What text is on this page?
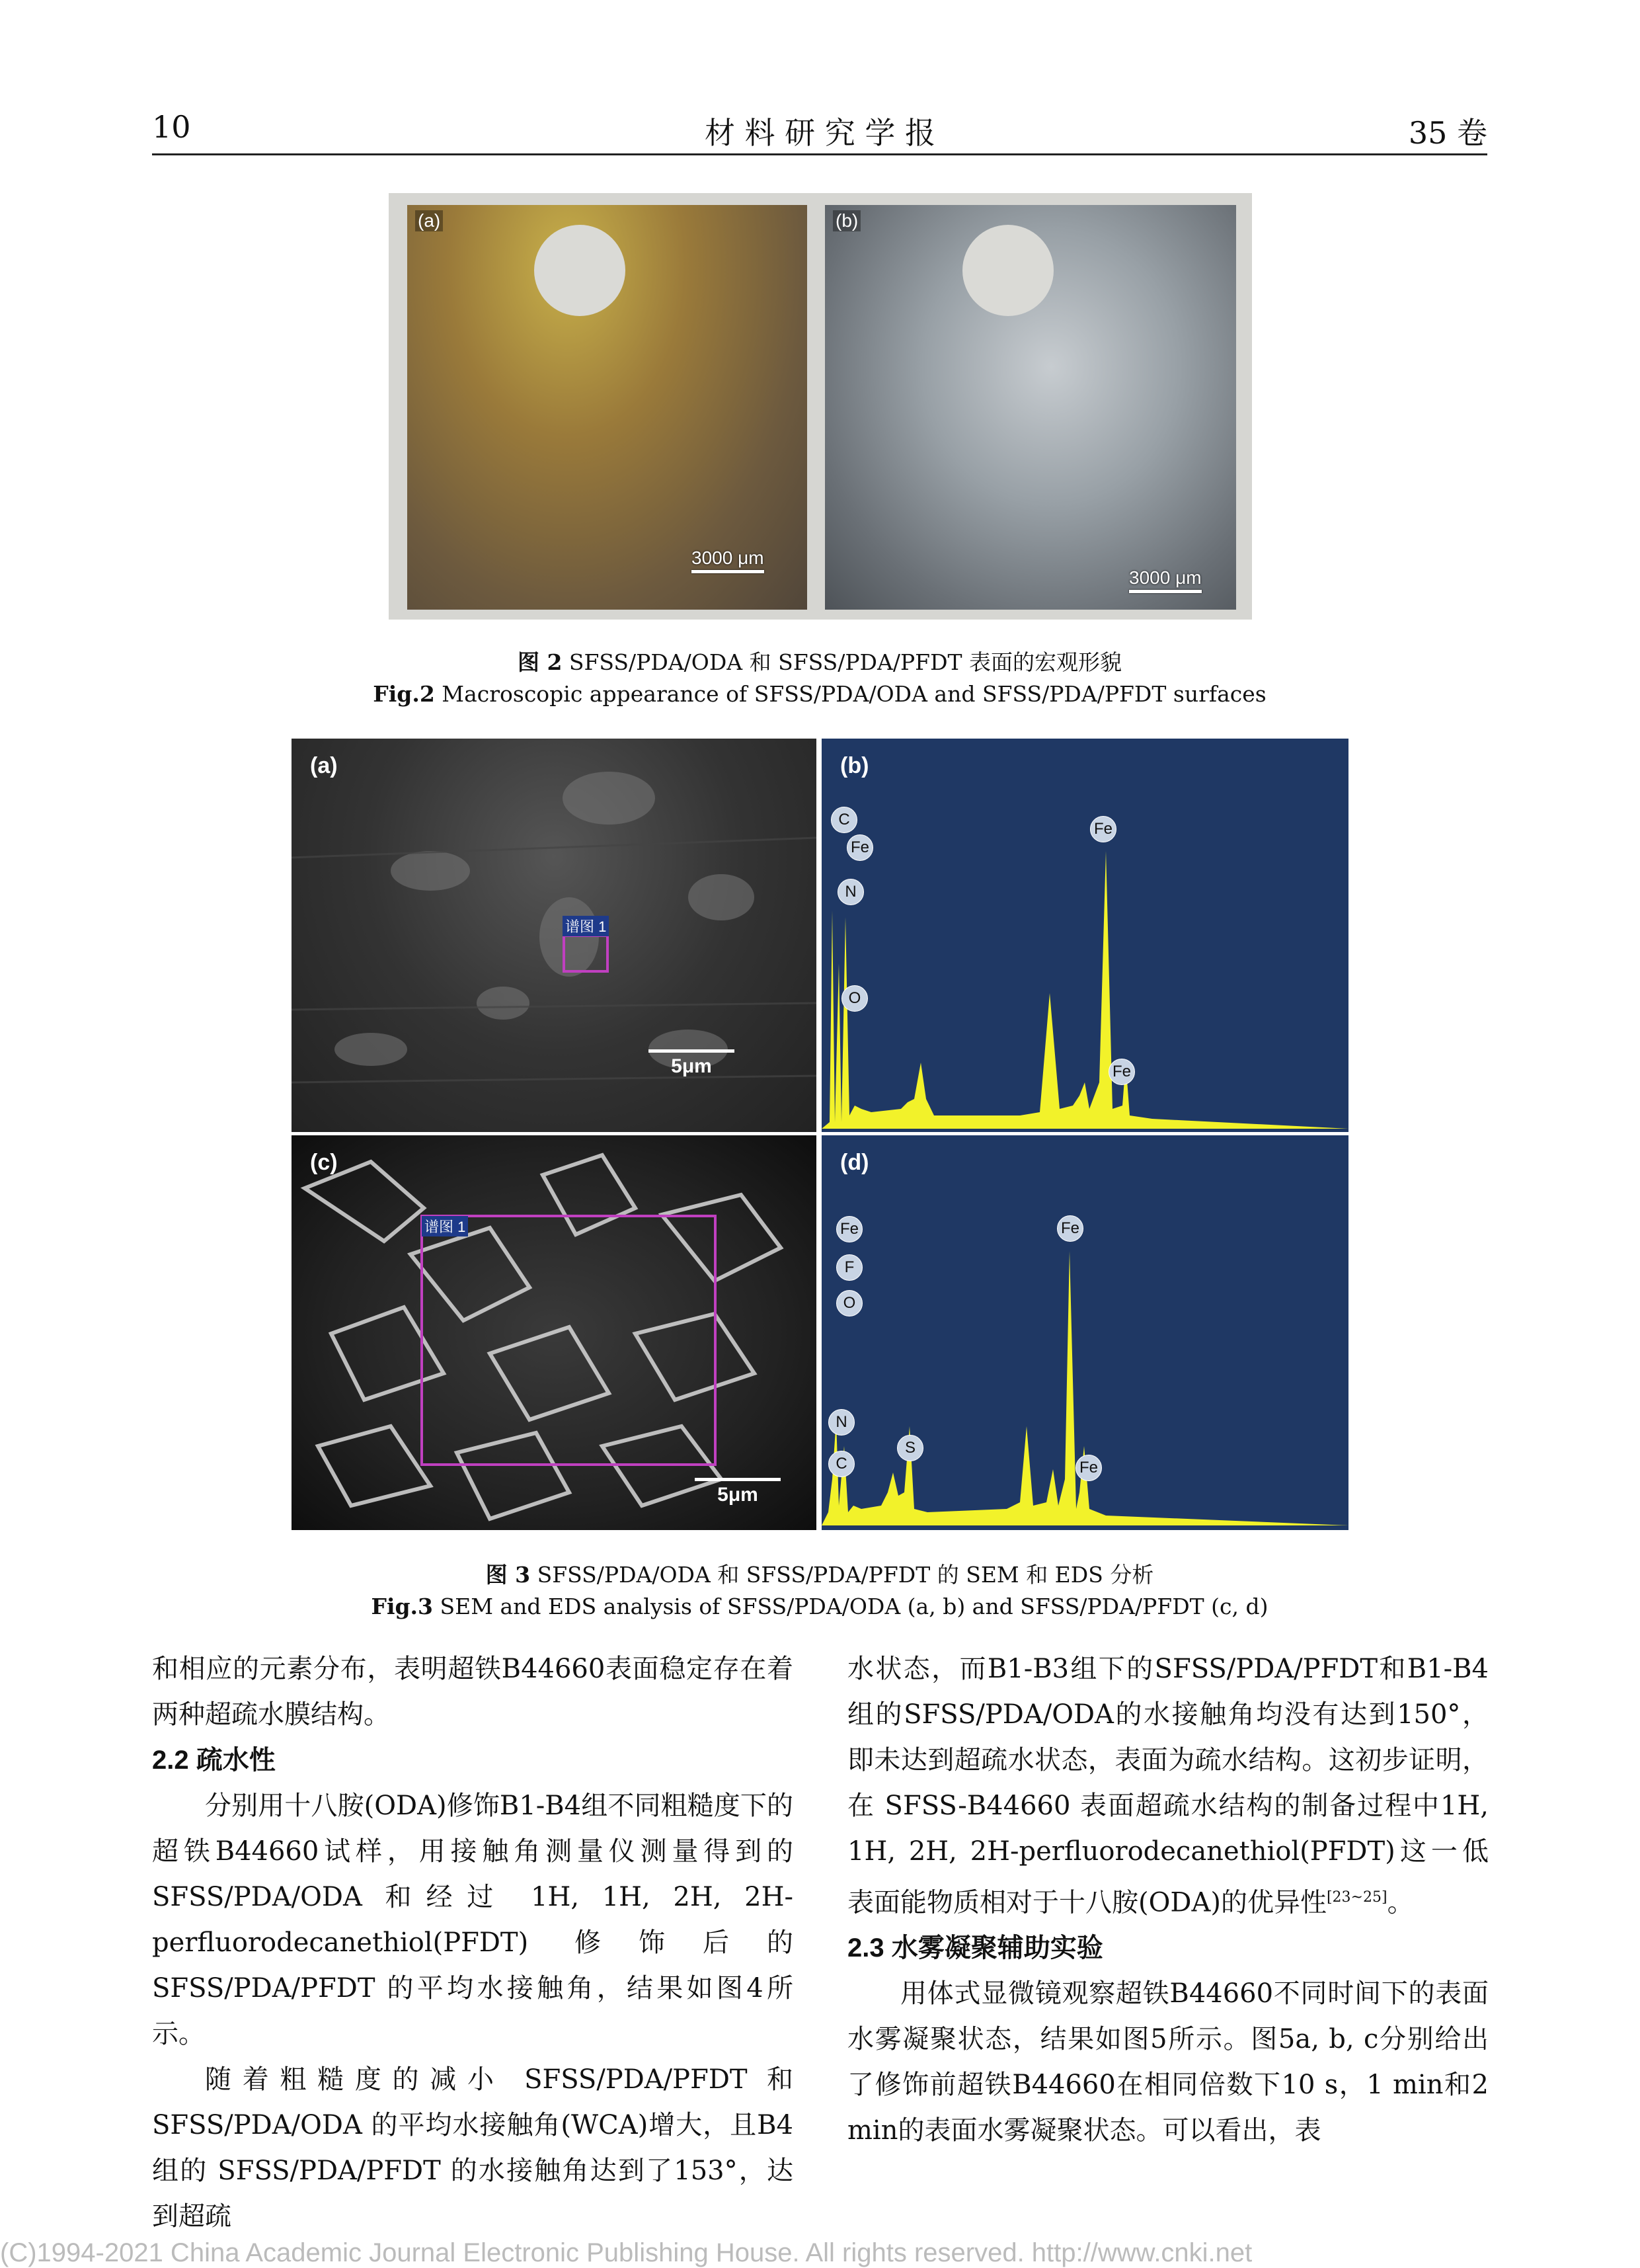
10	材 料 研 究 学 报	35 卷
(a)
3000 μm
(b)
3000 μm
图 2 SFSS/PDA/ODA 和 SFSS/PDA/PFDT 表面的宏观形貌
Fig.2 Macroscopic appearance of SFSS/PDA/ODA and SFSS/PDA/PFDT surfaces
(a)
谱图 1
5μm
(b)
C
Fe
N
O
Fe
Fe
(c)
谱图 1
5μm
(d)
Fe
F
O
N
C
S
Fe
Fe
图 3 SFSS/PDA/ODA 和 SFSS/PDA/PFDT 的 SEM 和 EDS 分析
Fig.3 SEM and EDS analysis of SFSS/PDA/ODA (a, b) and SFSS/PDA/PFDT (c, d)

和相应的元素分布，表明超铁B44660表面稳定存在着两种超疏水膜结构。

2.2 疏水性

分别用十八胺(ODA)修饰B1-B4组不同粗糙度下的超铁B44660试样，用接触角测量仪测量得到的SFSS/PDA/ODA 和经过 1H, 1H, 2H, 2H-perfluorodecanethiol(PFDT) 修饰后的 SFSS/PDA/PFDT 的平均水接触角，结果如图4所示。

随着粗糙度的减小 SFSS/PDA/PFDT 和 SFSS/PDA/ODA 的平均水接触角(WCA)增大，且B4组的 SFSS/PDA/PFDT 的水接触角达到了153°，达到超疏

水状态，而B1-B3组下的SFSS/PDA/PFDT和B1-B4组的SFSS/PDA/ODA的水接触角均没有达到150°，即未达到超疏水状态，表面为疏水结构。这初步证明，在 SFSS-B44660 表面超疏水结构的制备过程中1H, 1H, 2H, 2H-perfluorodecanethiol(PFDT)这一低表面能物质相对于十八胺(ODA)的优异性[23~25]。

2.3 水雾凝聚辅助实验

用体式显微镜观察超铁B44660不同时间下的表面水雾凝聚状态，结果如图5所示。图5a, b, c分别给出了修饰前超铁B44660在相同倍数下10 s，1 min和2 min的表面水雾凝聚状态。可以看出，表

(C)1994-2021 China Academic Journal Electronic Publishing House. All rights reserved. http://www.cnki.net
